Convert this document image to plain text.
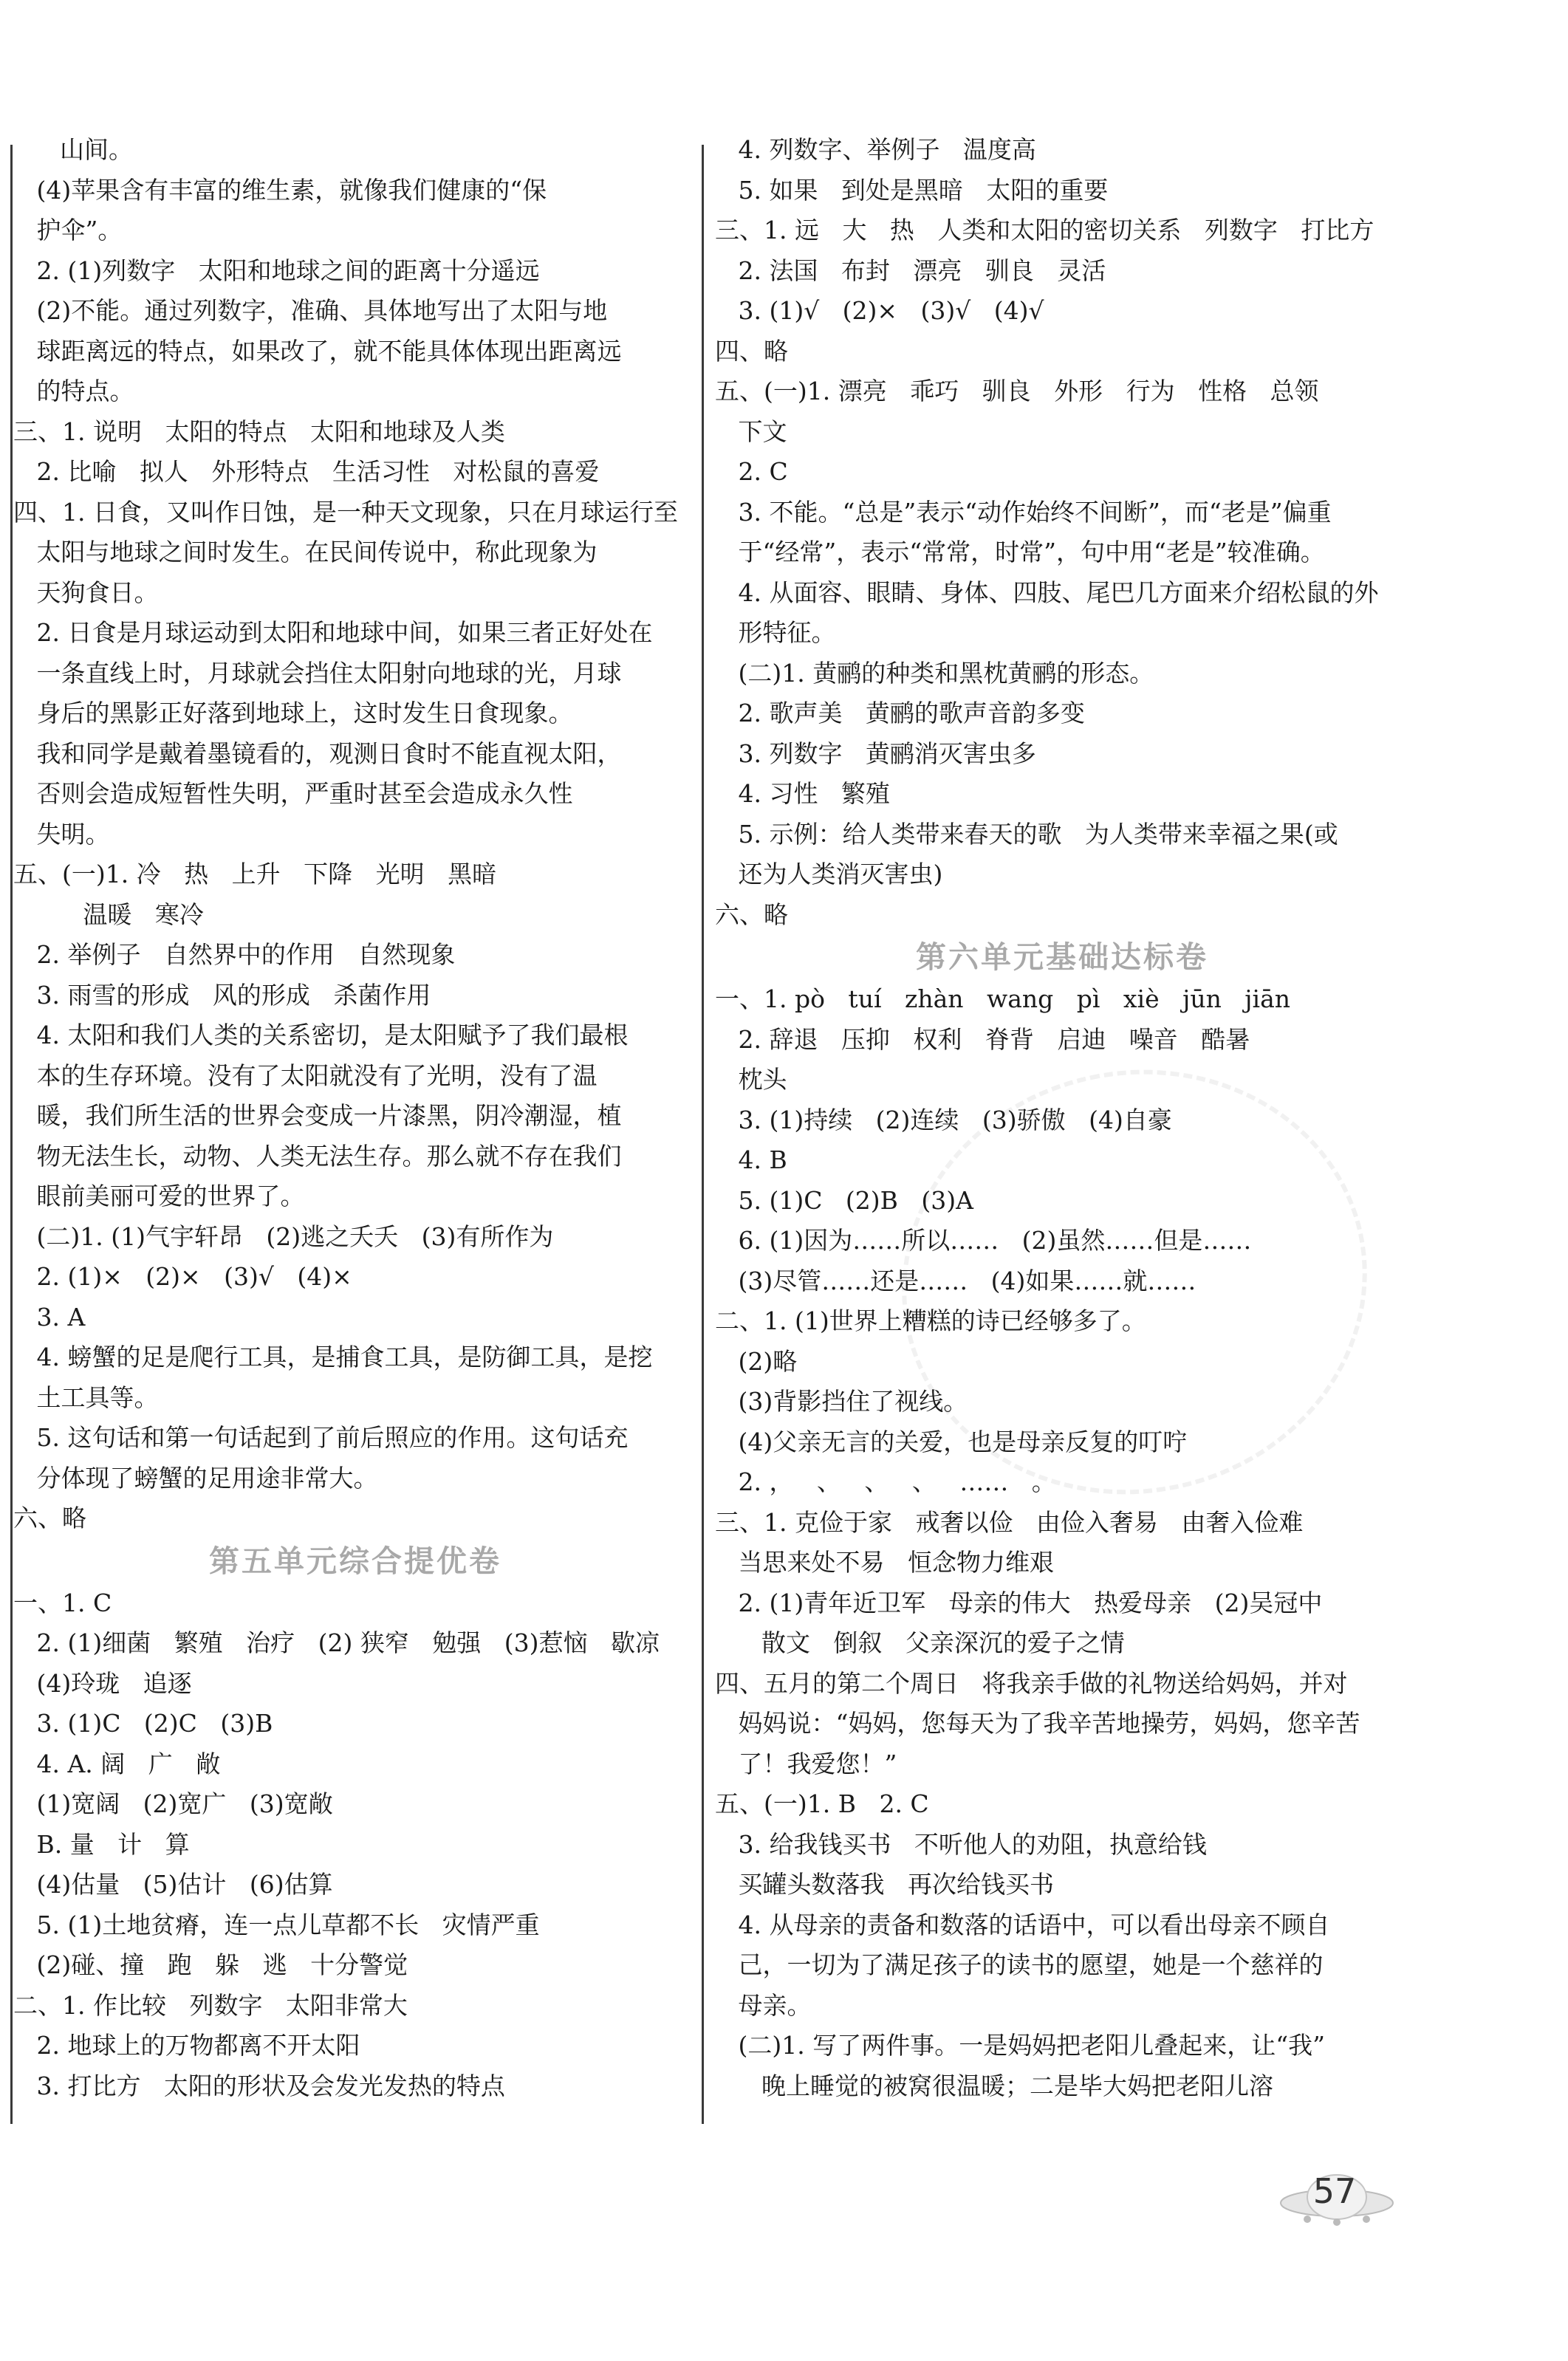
山间。
(4)苹果含有丰富的维生素，就像我们健康的“保
护伞”。
2. (1)列数字   太阳和地球之间的距离十分遥远
(2)不能。通过列数字，准确、具体地写出了太阳与地
球距离远的特点，如果改了，就不能具体体现出距离远
的特点。
三、1. 说明   太阳的特点   太阳和地球及人类
2. 比喻   拟人   外形特点   生活习性   对松鼠的喜爱
四、1. 日食，又叫作日蚀，是一种天文现象，只在月球运行至
太阳与地球之间时发生。在民间传说中，称此现象为
天狗食日。
2. 日食是月球运动到太阳和地球中间，如果三者正好处在
一条直线上时，月球就会挡住太阳射向地球的光，月球
身后的黑影正好落到地球上，这时发生日食现象。
我和同学是戴着墨镜看的，观测日食时不能直视太阳，
否则会造成短暂性失明，严重时甚至会造成永久性
失明。
五、(一)1. 冷   热   上升   下降   光明   黑暗
温暖   寒冷
2. 举例子   自然界中的作用   自然现象
3. 雨雪的形成   风的形成   杀菌作用
4. 太阳和我们人类的关系密切，是太阳赋予了我们最根
本的生存环境。没有了太阳就没有了光明，没有了温
暖，我们所生活的世界会变成一片漆黑，阴冷潮湿，植
物无法生长，动物、人类无法生存。那么就不存在我们
眼前美丽可爱的世界了。
(二)1. (1)气宇轩昂   (2)逃之夭夭   (3)有所作为
2. (1)×   (2)×   (3)√   (4)×
3. A
4. 螃蟹的足是爬行工具，是捕食工具，是防御工具，是挖
土工具等。
5. 这句话和第一句话起到了前后照应的作用。这句话充
分体现了螃蟹的足用途非常大。
六、略
第五单元综合提优卷
一、1. C
2. (1)细菌   繁殖   治疗   (2) 狭窄   勉强   (3)惹恼   歇凉
(4)玲珑   追逐
3. (1)C   (2)C   (3)B
4. A. 阔   广   敞
(1)宽阔   (2)宽广   (3)宽敞
B. 量   计   算
(4)估量   (5)估计   (6)估算
5. (1)土地贫瘠，连一点儿草都不长   灾情严重
(2)碰、撞   跑   躲   逃   十分警觉
二、1. 作比较   列数字   太阳非常大
2. 地球上的万物都离不开太阳
3. 打比方   太阳的形状及会发光发热的特点
4. 列数字、举例子   温度高
5. 如果   到处是黑暗   太阳的重要
三、1. 远   大   热   人类和太阳的密切关系   列数字   打比方
2. 法国   布封   漂亮   驯良   灵活
3. (1)√   (2)×   (3)√   (4)√
四、略
五、(一)1. 漂亮   乖巧   驯良   外形   行为   性格   总领
下文
2. C
3. 不能。“总是”表示“动作始终不间断”，而“老是”偏重
于“经常”，表示“常常，时常”，句中用“老是”较准确。
4. 从面容、眼睛、身体、四肢、尾巴几方面来介绍松鼠的外
形特征。
(二)1. 黄鹂的种类和黑枕黄鹂的形态。
2. 歌声美   黄鹂的歌声音韵多变
3. 列数字   黄鹂消灭害虫多
4. 习性   繁殖
5. 示例：给人类带来春天的歌   为人类带来幸福之果(或
还为人类消灭害虫)
六、略
第六单元基础达标卷
一、1. pò   tuí   zhàn   wang   pì   xiè   jūn   jiān
2. 辞退   压抑   权利   脊背   启迪   噪音   酷暑
枕头
3. (1)持续   (2)连续   (3)骄傲   (4)自豪
4. B
5. (1)C   (2)B   (3)A
6. (1)因为……所以……   (2)虽然……但是……
(3)尽管……还是……   (4)如果……就……
二、1. (1)世界上糟糕的诗已经够多了。
(2)略
(3)背影挡住了视线。
(4)父亲无言的关爱，也是母亲反复的叮咛
2. ，   、   、   、   ……   。
三、1. 克俭于家   戒奢以俭   由俭入奢易   由奢入俭难
当思来处不易   恒念物力维艰
2. (1)青年近卫军   母亲的伟大   热爱母亲   (2)吴冠中
散文   倒叙   父亲深沉的爱子之情
四、五月的第二个周日   将我亲手做的礼物送给妈妈，并对
妈妈说：“妈妈，您每天为了我辛苦地操劳，妈妈，您辛苦
了！我爱您！”
五、(一)1. B   2. C
3. 给我钱买书   不听他人的劝阻，执意给钱
买罐头数落我   再次给钱买书
4. 从母亲的责备和数落的话语中，可以看出母亲不顾自
己，一切为了满足孩子的读书的愿望，她是一个慈祥的
母亲。
(二)1. 写了两件事。一是妈妈把老阳儿叠起来，让“我”
晚上睡觉的被窝很温暖；二是毕大妈把老阳儿溶
57
